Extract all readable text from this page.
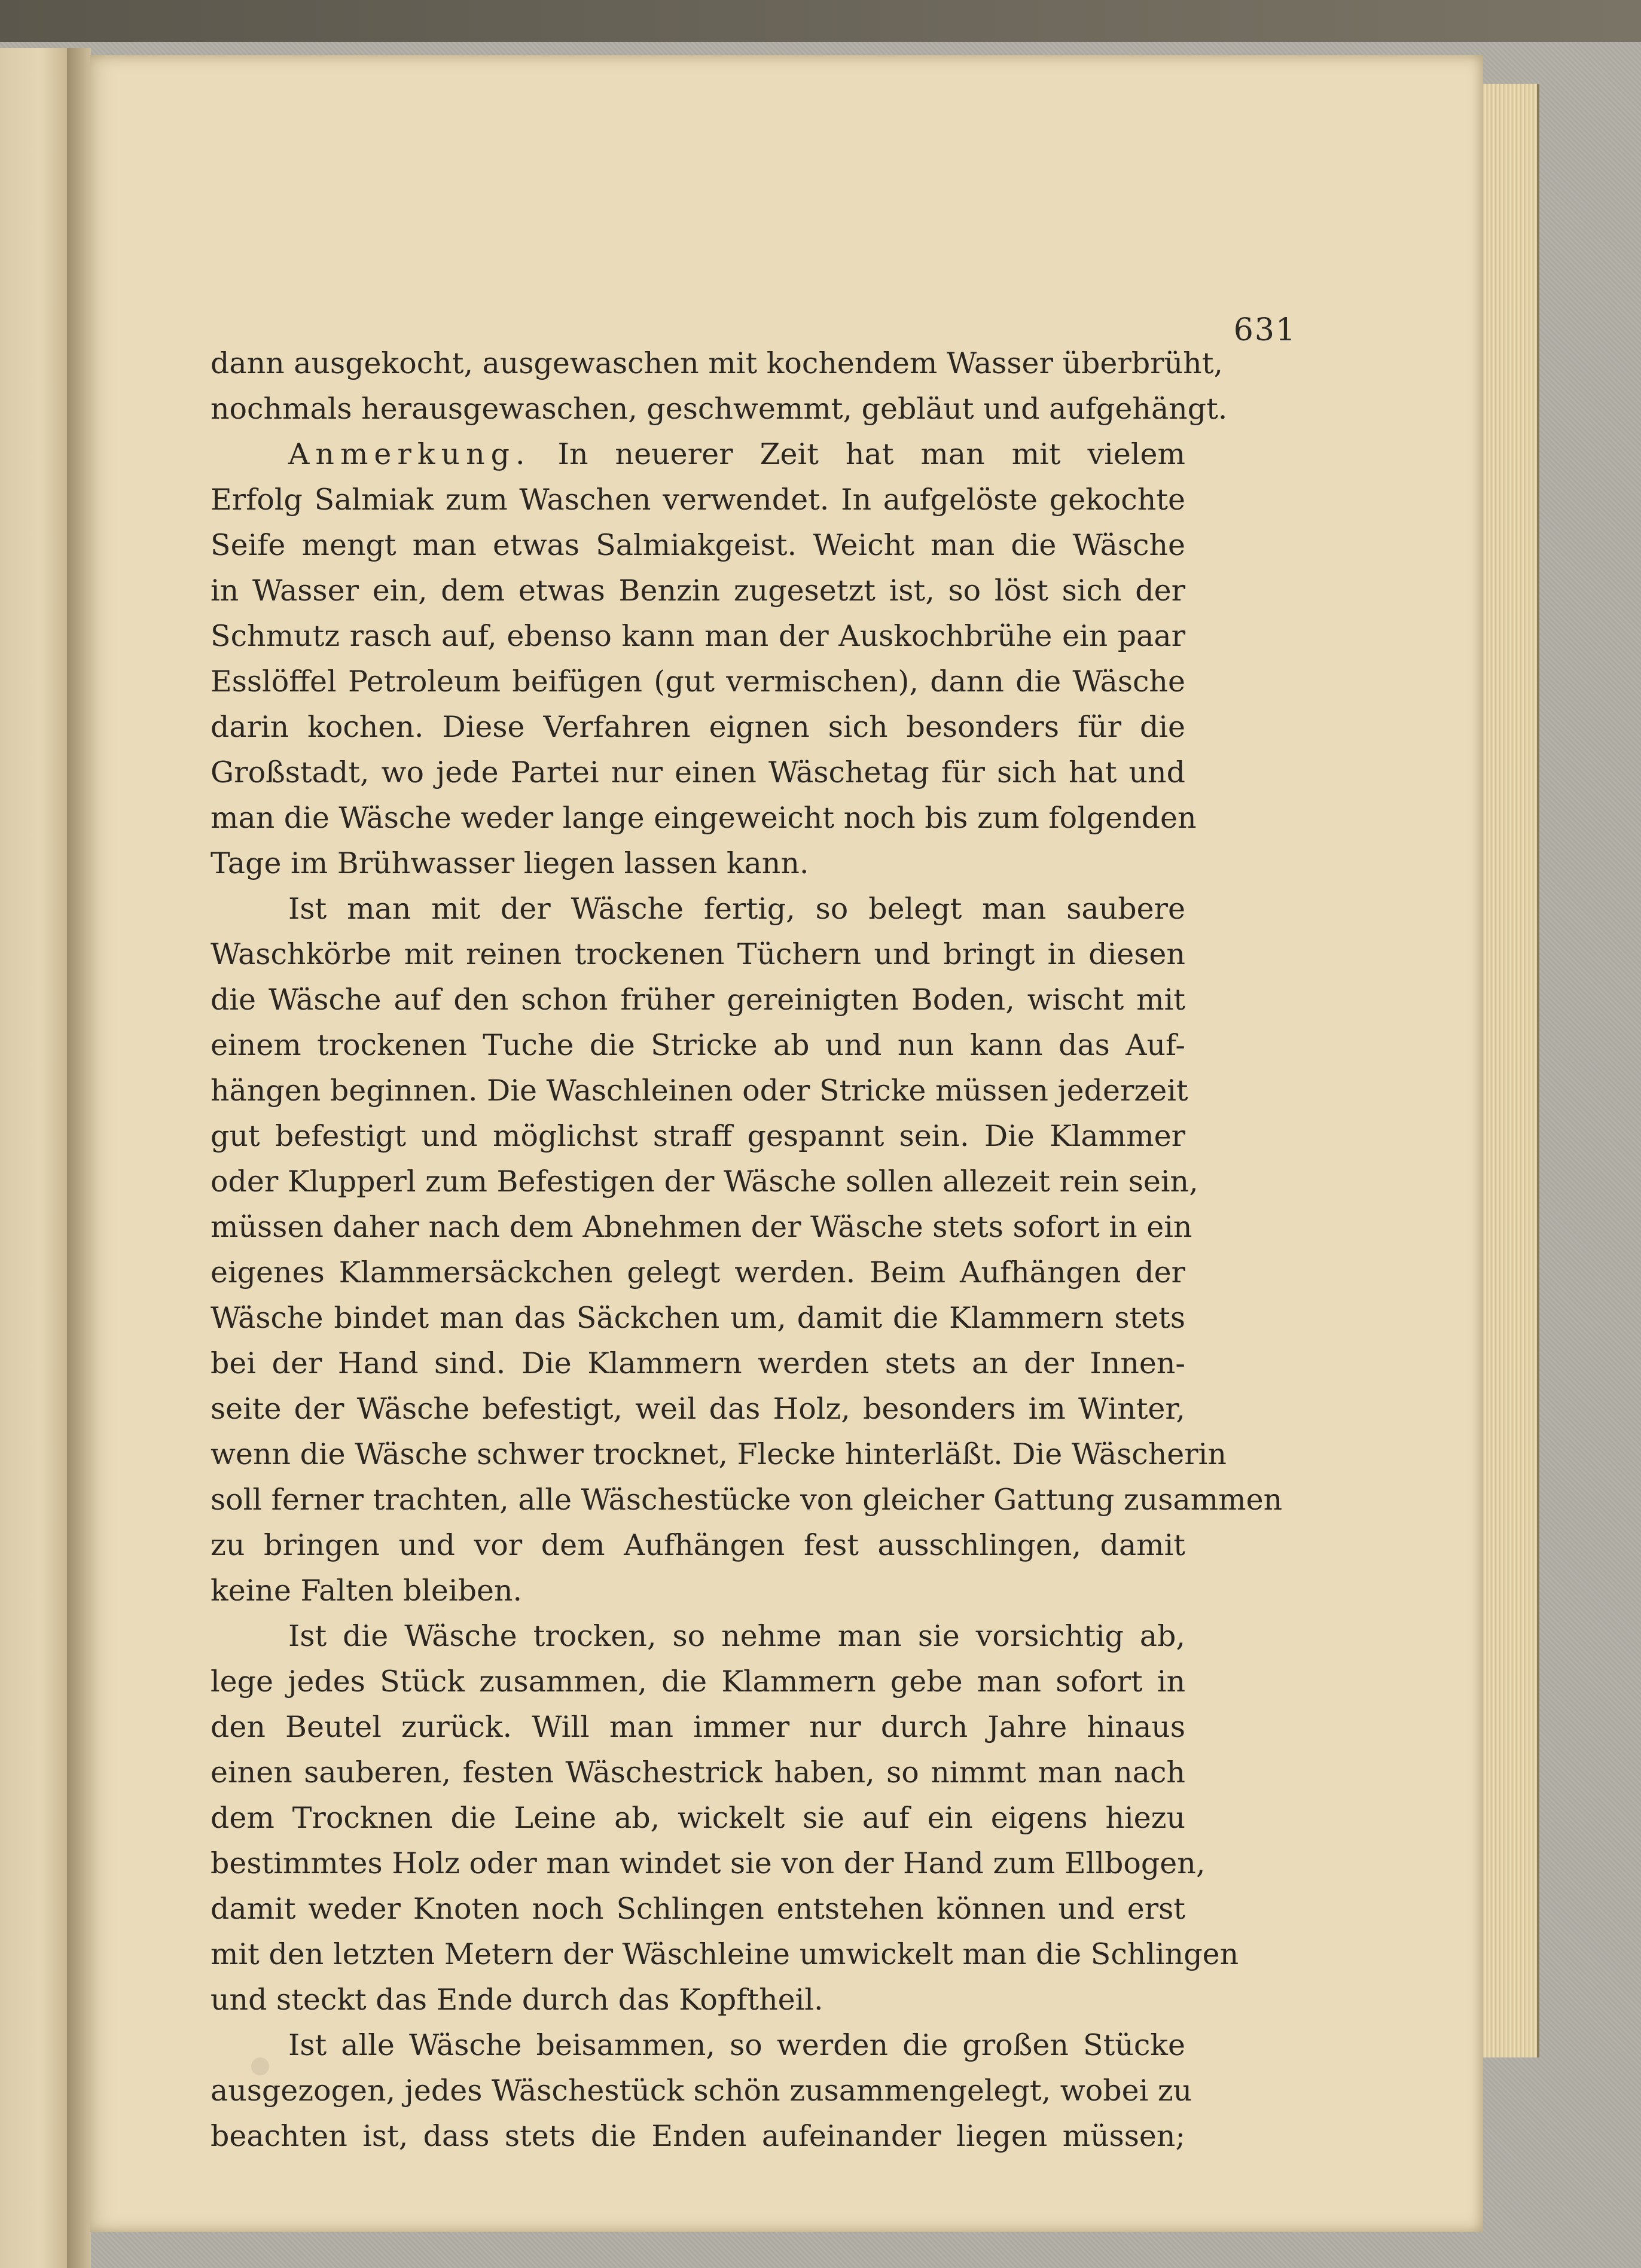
631
dann ausgekocht, ausgewaschen mit kochendem Wasser überbrüht,
nochmals herausgewaschen, geschwemmt, gebläut und aufgehängt.
Anmerkung. In neuerer Zeit hat man mit vielem
Erfolg Salmiak zum Waschen verwendet. In aufgelöste gekochte
Seife mengt man etwas Salmiakgeist. Weicht man die Wäsche
in Wasser ein, dem etwas Benzin zugesetzt ist, so löst sich der
Schmutz rasch auf, ebenso kann man der Auskochbrühe ein paar
Esslöffel Petroleum beifügen (gut vermischen), dann die Wäsche
darin kochen. Diese Verfahren eignen sich besonders für die
Großstadt, wo jede Partei nur einen Wäschetag für sich hat und
man die Wäsche weder lange eingeweicht noch bis zum folgenden
Tage im Brühwasser liegen lassen kann.
Ist man mit der Wäsche fertig, so belegt man saubere
Waschkörbe mit reinen trockenen Tüchern und bringt in diesen
die Wäsche auf den schon früher gereinigten Boden, wischt mit
einem trockenen Tuche die Stricke ab und nun kann das Auf-
hängen beginnen. Die Waschleinen oder Stricke müssen jederzeit
gut befestigt und möglichst straff gespannt sein. Die Klammer
oder Klupperl zum Befestigen der Wäsche sollen allezeit rein sein,
müssen daher nach dem Abnehmen der Wäsche stets sofort in ein
eigenes Klammersäckchen gelegt werden. Beim Aufhängen der
Wäsche bindet man das Säckchen um, damit die Klammern stets
bei der Hand sind. Die Klammern werden stets an der Innen-
seite der Wäsche befestigt, weil das Holz, besonders im Winter,
wenn die Wäsche schwer trocknet, Flecke hinterläßt. Die Wäscherin
soll ferner trachten, alle Wäschestücke von gleicher Gattung zusammen
zu bringen und vor dem Aufhängen fest ausschlingen, damit
keine Falten bleiben.
Ist die Wäsche trocken, so nehme man sie vorsichtig ab,
lege jedes Stück zusammen, die Klammern gebe man sofort in
den Beutel zurück. Will man immer nur durch Jahre hinaus
einen sauberen, festen Wäschestrick haben, so nimmt man nach
dem Trocknen die Leine ab, wickelt sie auf ein eigens hiezu
bestimmtes Holz oder man windet sie von der Hand zum Ellbogen,
damit weder Knoten noch Schlingen entstehen können und erst
mit den letzten Metern der Wäschleine umwickelt man die Schlingen
und steckt das Ende durch das Kopftheil.
Ist alle Wäsche beisammen, so werden die großen Stücke
ausgezogen, jedes Wäschestück schön zusammengelegt, wobei zu
beachten ist, dass stets die Enden aufeinander liegen müssen;
